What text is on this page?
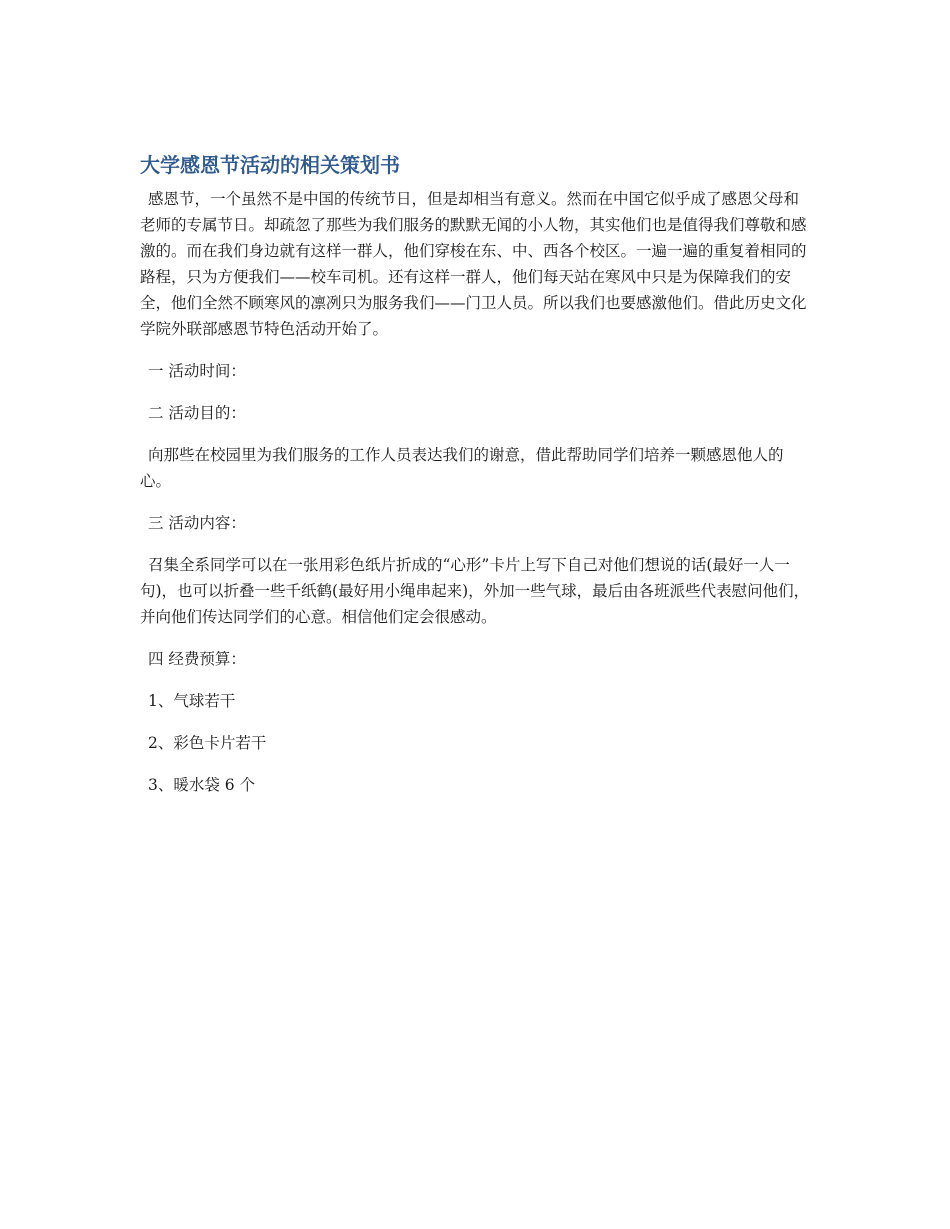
大学感恩节活动的相关策划书

感恩节，一个虽然不是中国的传统节日，但是却相当有意义。然而在中国它似乎成了感恩父母和老师的专属节日。却疏忽了那些为我们服务的默默无闻的小人物，其实他们也是值得我们尊敬和感激的。而在我们身边就有这样一群人，他们穿梭在东、中、西各个校区。一遍一遍的重复着相同的路程，只为方便我们——校车司机。还有这样一群人，他们每天站在寒风中只是为保障我们的安全，他们全然不顾寒风的凛冽只为服务我们——门卫人员。所以我们也要感激他们。借此历史文化学院外联部感恩节特色活动开始了。

一 活动时间：

二 活动目的：

向那些在校园里为我们服务的工作人员表达我们的谢意，借此帮助同学们培养一颗感恩他人的心。

三 活动内容：

召集全系同学可以在一张用彩色纸片折成的“心形”卡片上写下自己对他们想说的话(最好一人一句)，也可以折叠一些千纸鹤(最好用小绳串起来)，外加一些气球，最后由各班派些代表慰问他们，并向他们传达同学们的心意。相信他们定会很感动。

四 经费预算：

1、气球若干

2、彩色卡片若干

3、暖水袋 6 个
